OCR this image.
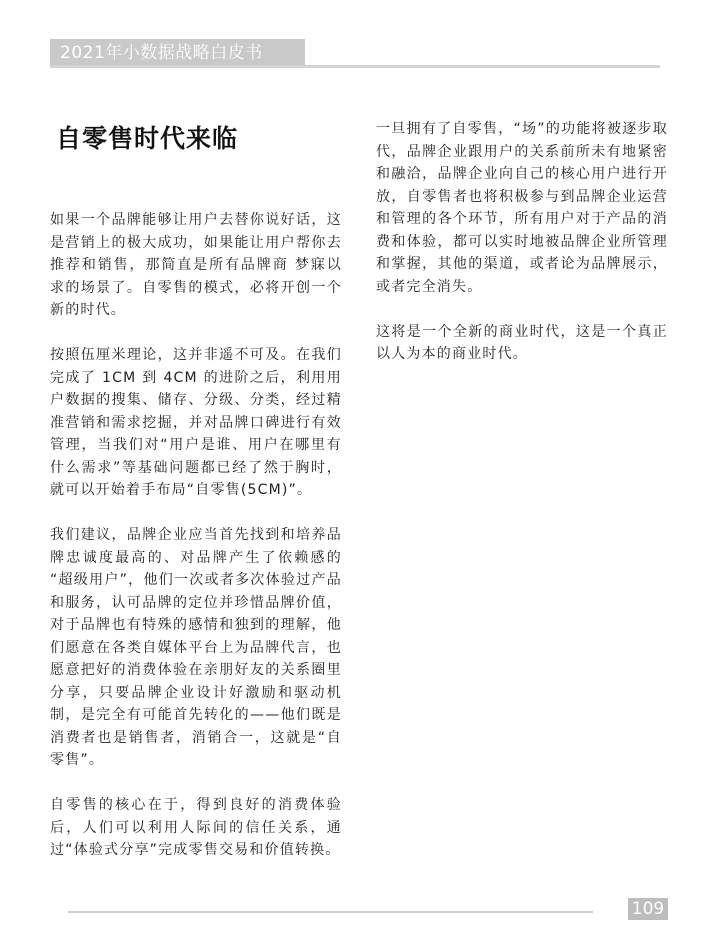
2021年小数据战略白皮书
自零售时代来临

如果一个品牌能够让用户去替你说好话，这是营销上的极大成功，如果能让用户帮你去推荐和销售，那简直是所有品牌商 梦寐以求的场景了。自零售的模式，必将开创一个新的时代。

按照伍厘米理论，这并非遥不可及。在我们完成了 1CM 到 4CM 的进阶之后，利用用户数据的搜集、储存、分级、分类，经过精准营销和需求挖掘，并对品牌口碑进行有效管理，当我们对“用户是谁、用户在哪里有什么需求”等基础问题都已经了然于胸时，就可以开始着手布局“自零售(5CM)”。

我们建议，品牌企业应当首先找到和培养品牌忠诚度最高的、对品牌产生了依赖感的 “超级用户”，他们一次或者多次体验过产品和服务，认可品牌的定位并珍惜品牌价值，对于品牌也有特殊的感情和独到的理解，他们愿意在各类自媒体平台上为品牌代言，也愿意把好的消费体验在亲朋好友的关系圈里分享，只要品牌企业设计好激励和驱动机制，是完全有可能首先转化的——他们既是消费者也是销售者，消销合一，这就是“自零售”。

自零售的核心在于，得到良好的消费体验后，人们可以利用人际间的信任关系，通过“体验式分享”完成零售交易和价值转换。

一旦拥有了自零售，“场”的功能将被逐步取代，品牌企业跟用户的关系前所未有地紧密和融洽，品牌企业向自己的核心用户进行开放，自零售者也将积极参与到品牌企业运营和管理的各个环节，所有用户对于产品的消费和体验，都可以实时地被品牌企业所管理和掌握，其他的渠道，或者论为品牌展示，或者完全消失。

这将是一个全新的商业时代，这是一个真正以人为本的商业时代。

109
